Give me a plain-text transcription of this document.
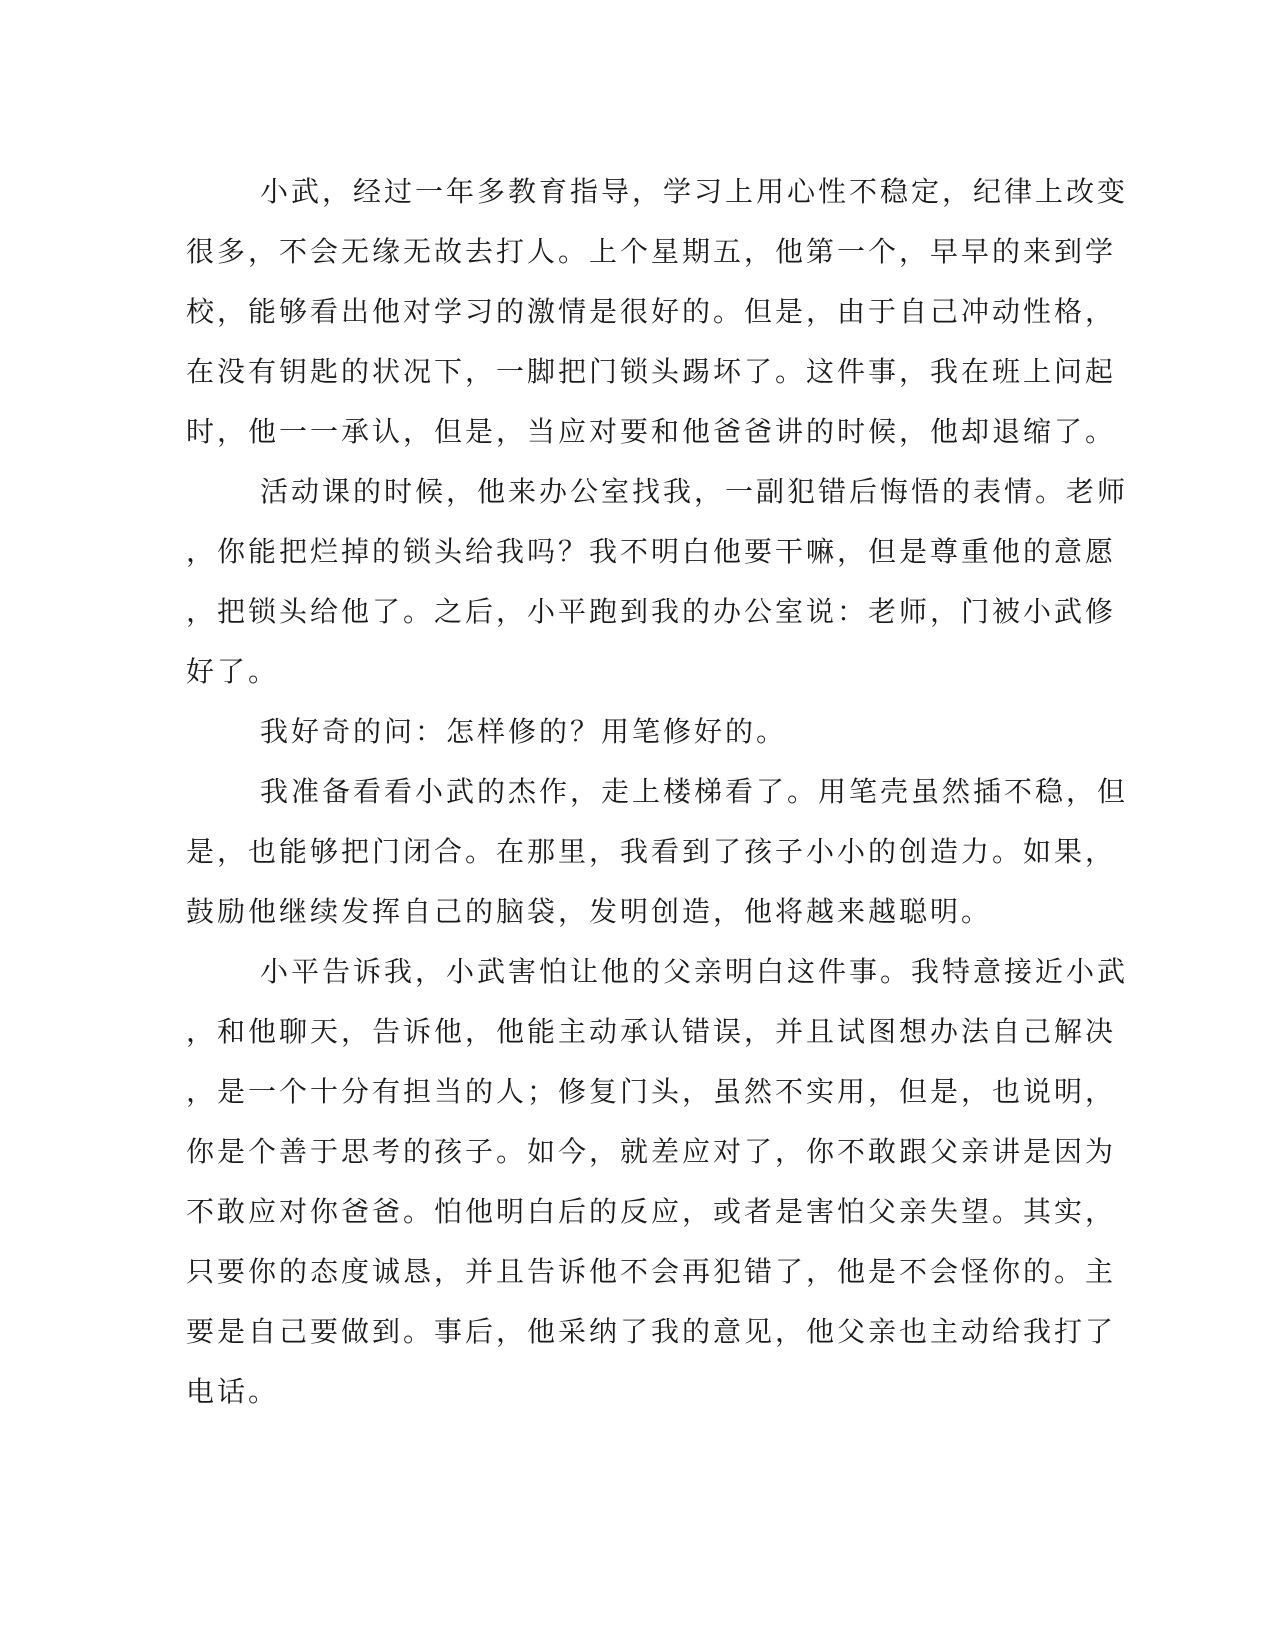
小武，经过一年多教育指导，学习上用心性不稳定，纪律上改变
很多，不会无缘无故去打人。上个星期五，他第一个，早早的来到学
校，能够看出他对学习的激情是很好的。但是，由于自己冲动性格，
在没有钥匙的状况下，一脚把门锁头踢坏了。这件事，我在班上问起
时，他一一承认，但是，当应对要和他爸爸讲的时候，他却退缩了。
活动课的时候，他来办公室找我，一副犯错后悔悟的表情。老师
，你能把烂掉的锁头给我吗？我不明白他要干嘛，但是尊重他的意愿
，把锁头给他了。之后，小平跑到我的办公室说：老师，门被小武修
好了。
我好奇的问：怎样修的？用笔修好的。
我准备看看小武的杰作，走上楼梯看了。用笔壳虽然插不稳，但
是，也能够把门闭合。在那里，我看到了孩子小小的创造力。如果，
鼓励他继续发挥自己的脑袋，发明创造，他将越来越聪明。
小平告诉我，小武害怕让他的父亲明白这件事。我特意接近小武
，和他聊天，告诉他，他能主动承认错误，并且试图想办法自己解决
，是一个十分有担当的人；修复门头，虽然不实用，但是，也说明，
你是个善于思考的孩子。如今，就差应对了，你不敢跟父亲讲是因为
不敢应对你爸爸。怕他明白后的反应，或者是害怕父亲失望。其实，
只要你的态度诚恳，并且告诉他不会再犯错了，他是不会怪你的。主
要是自己要做到。事后，他采纳了我的意见，他父亲也主动给我打了
电话。
